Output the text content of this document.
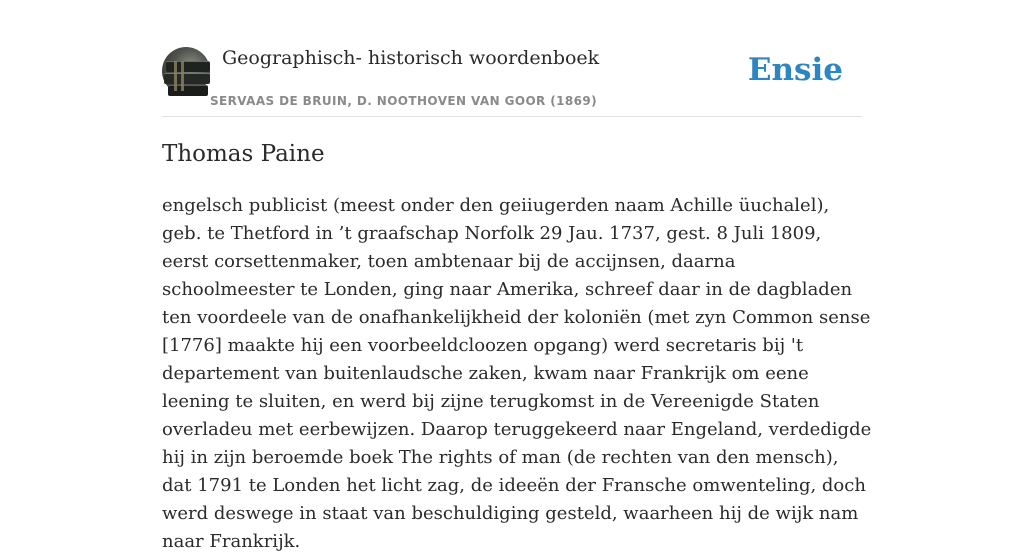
Geographisch- historisch woordenboek
SERVAAS DE BRUIN, D. NOOTHOVEN VAN GOOR (1869)
Ensie
Thomas Paine

engelsch publicist (meest onder den geiiugerden naam Achille üuchalel), geb. te Thetford in ’t graafschap Norfolk 29 Jau. 1737, gest. 8 Juli 1809, eerst corsettenmaker, toen ambtenaar bij de accijnsen, daarna schoolmeester te Londen, ging naar Amerika, schreef daar in de dagbladen ten voordeele van de onafhankelijkheid der koloniën (met zyn Common sense [1776] maakte hij een voorbeeldcloozen opgang) werd secretaris bij 't departement van buitenlaudsche zaken, kwam naar Frankrijk om eene leening te sluiten, en werd bij zijne terugkomst in de Vereenigde Staten overladeu met eerbewijzen. Daarop teruggekeerd naar Engeland, verdedigde hij in zijn beroemde boek The rights of man (de rechten van den mensch), dat 1791 te Londen het licht zag, de ideeën der Fransche omwenteling, doch werd deswege in staat van beschuldiging gesteld, waarheen hij de wijk nam naar Frankrijk.
